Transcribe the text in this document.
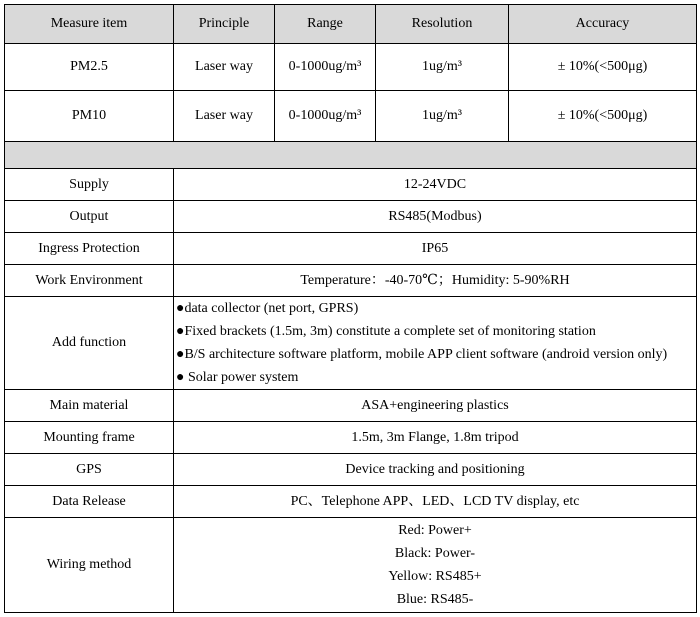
Measure item	Principle	Range	Resolution	Accuracy
PM2.5	Laser way	0-1000ug/m³	1ug/m³	± 10%(<500μg)
PM10	Laser way	0-1000ug/m³	1ug/m³	± 10%(<500μg)

Supply	12-24VDC			
Output	RS485(Modbus)			
Ingress Protection	IP65			
Work Environment	Temperature：-40-70℃；Humidity: 5-90%RH			
Add function	●data collector (net port, GPRS)
●Fixed brackets (1.5m, 3m) constitute a complete set of monitoring station
●B/S architecture software platform, mobile APP client software (android version only)
● Solar power system			

Main material	ASA+engineering plastics			
Mounting frame	1.5m, 3m Flange, 1.8m tripod			
GPS	Device tracking and positioning			
Data Release	PC、Telephone APP、LED、LCD TV display, etc			
Wiring method	Red: Power+
Black: Power-
Yellow: RS485+
Blue: RS485-			
